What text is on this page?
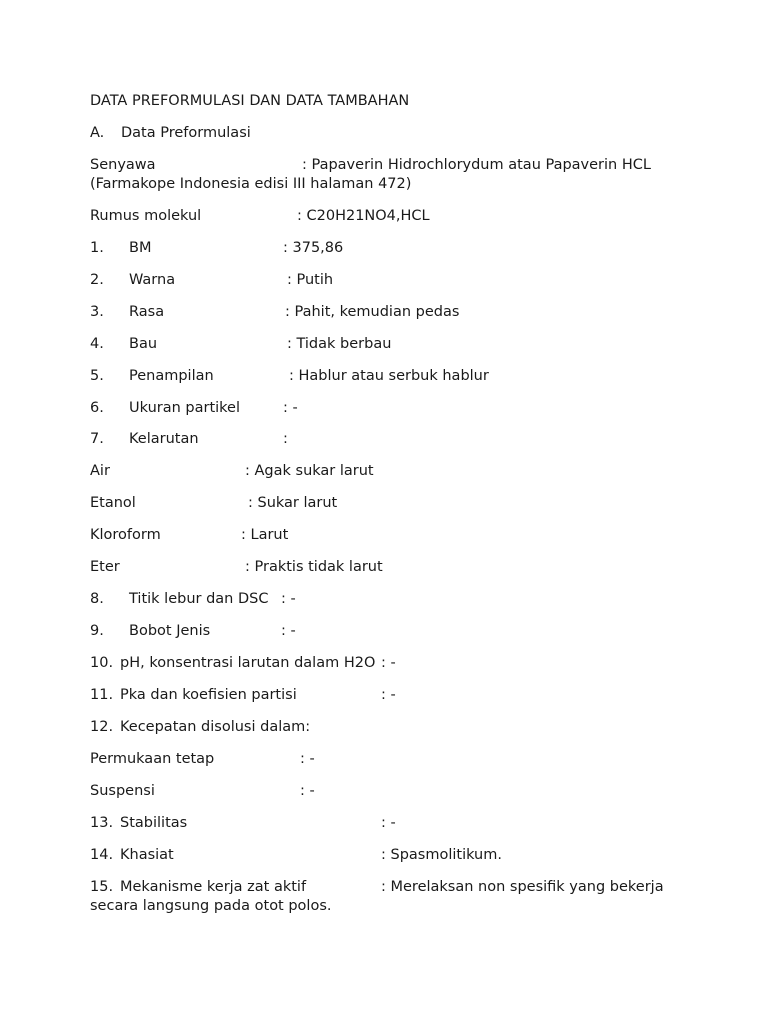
DATA PREFORMULASI DAN DATA TAMBAHAN
A. Data Preformulasi
Senyawa	: Papaverin Hidrochlorydum atau Papaverin HCL
(Farmakope Indonesia edisi III halaman 472)
Rumus molekul	: C20H21NO4,HCL
1. BM	: 375,86
2. Warna	: Putih
3. Rasa	: Pahit, kemudian pedas
4. Bau	: Tidak berbau
5. Penampilan	: Hablur atau serbuk hablur
6. Ukuran partikel	: -
7. Kelarutan	:
Air	: Agak sukar larut
Etanol	: Sukar larut
Kloroform	: Larut
Eter	: Praktis tidak larut
8. Titik lebur dan DSC : -
9. Bobot Jenis	: -
10. pH, konsentrasi larutan dalam H2O : -
11. Pka dan koefisien partisi	: -
12. Kecepatan disolusi dalam:
Permukaan tetap	: -
Suspensi	: -
13. Stabilitas	: -
14. Khasiat	: Spasmolitikum.
15. Mekanisme kerja zat aktif	: Merelaksan non spesifik yang bekerja
secara langsung pada otot polos.
